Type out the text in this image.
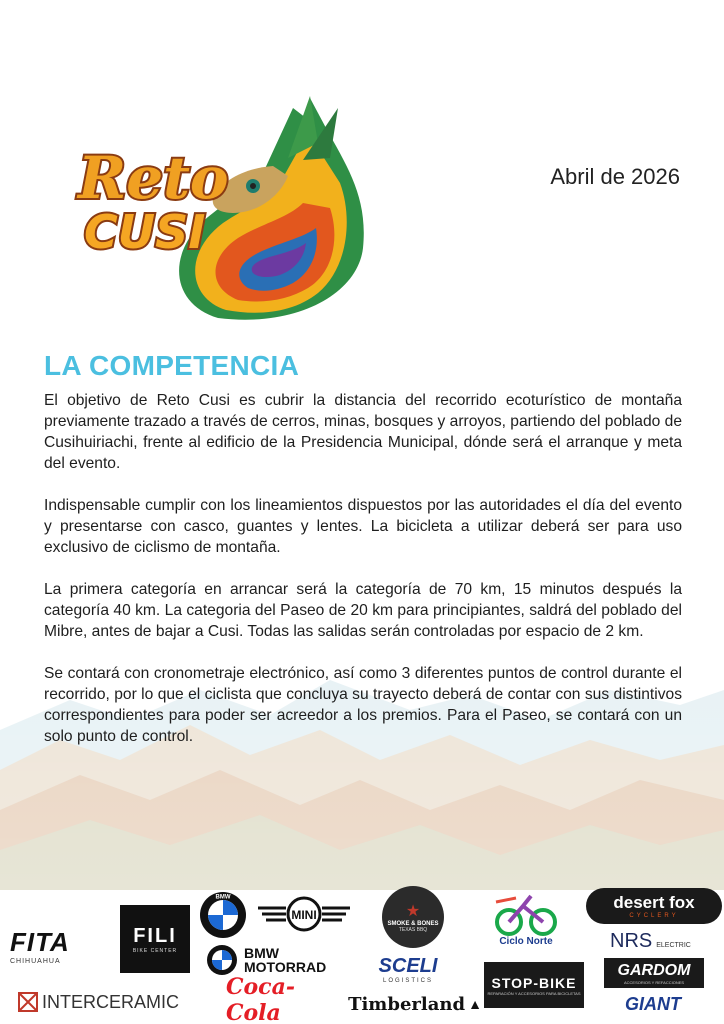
Reto
CUSI
Abril de 2026
LA COMPETENCIA

El objetivo de Reto Cusi es cubrir la distancia del recorrido ecoturístico de montaña previamente trazado a través de cerros, minas, bosques y arroyos, partiendo del poblado de Cusihuiriachi, frente al edificio de la Presidencia Municipal, dónde será el arranque y meta del evento.

Indispensable cumplir con los lineamientos dispuestos por las autoridades el día del evento y presentarse con casco, guantes y lentes. La bicicleta a utilizar deberá ser para uso exclusivo de ciclismo de montaña.

La primera categoría en arrancar será la categoría de 70 km, 15 minutos después la categoría 40 km. La categoria del Paseo de 20 km para principiantes, saldrá del poblado del Mibre, antes de bajar a Cusi. Todas las salidas serán controladas por espacio de 2 km.

Se contará con cronometraje electrónico, así como 3 diferentes puntos de control durante el recorrido, por lo que el ciclista que concluya su trayecto deberá de contar con sus distintivos correspondientes para poder ser acreedor a los premios. Para el Paseo, se contará con un solo punto de control.

FITA
CHIHUAHUA
FILI
BIKE CENTER
BMW
BMW
MOTORRAD
MINI	★
SMOKE & BONES
TEXAS BBQ
SCELI
LOGISTICS
Ciclo Norte
STOP-BIKE
REPARACIÓN Y ACCESORIOS PARA BICICLETAS
desert fox
CYCLERY
NRS ELECTRIC
GARDOM
ACCESORIOS Y REFACCIONES
INTERCERAMIC
Coca-Cola	Timberland ▲	GIANT
